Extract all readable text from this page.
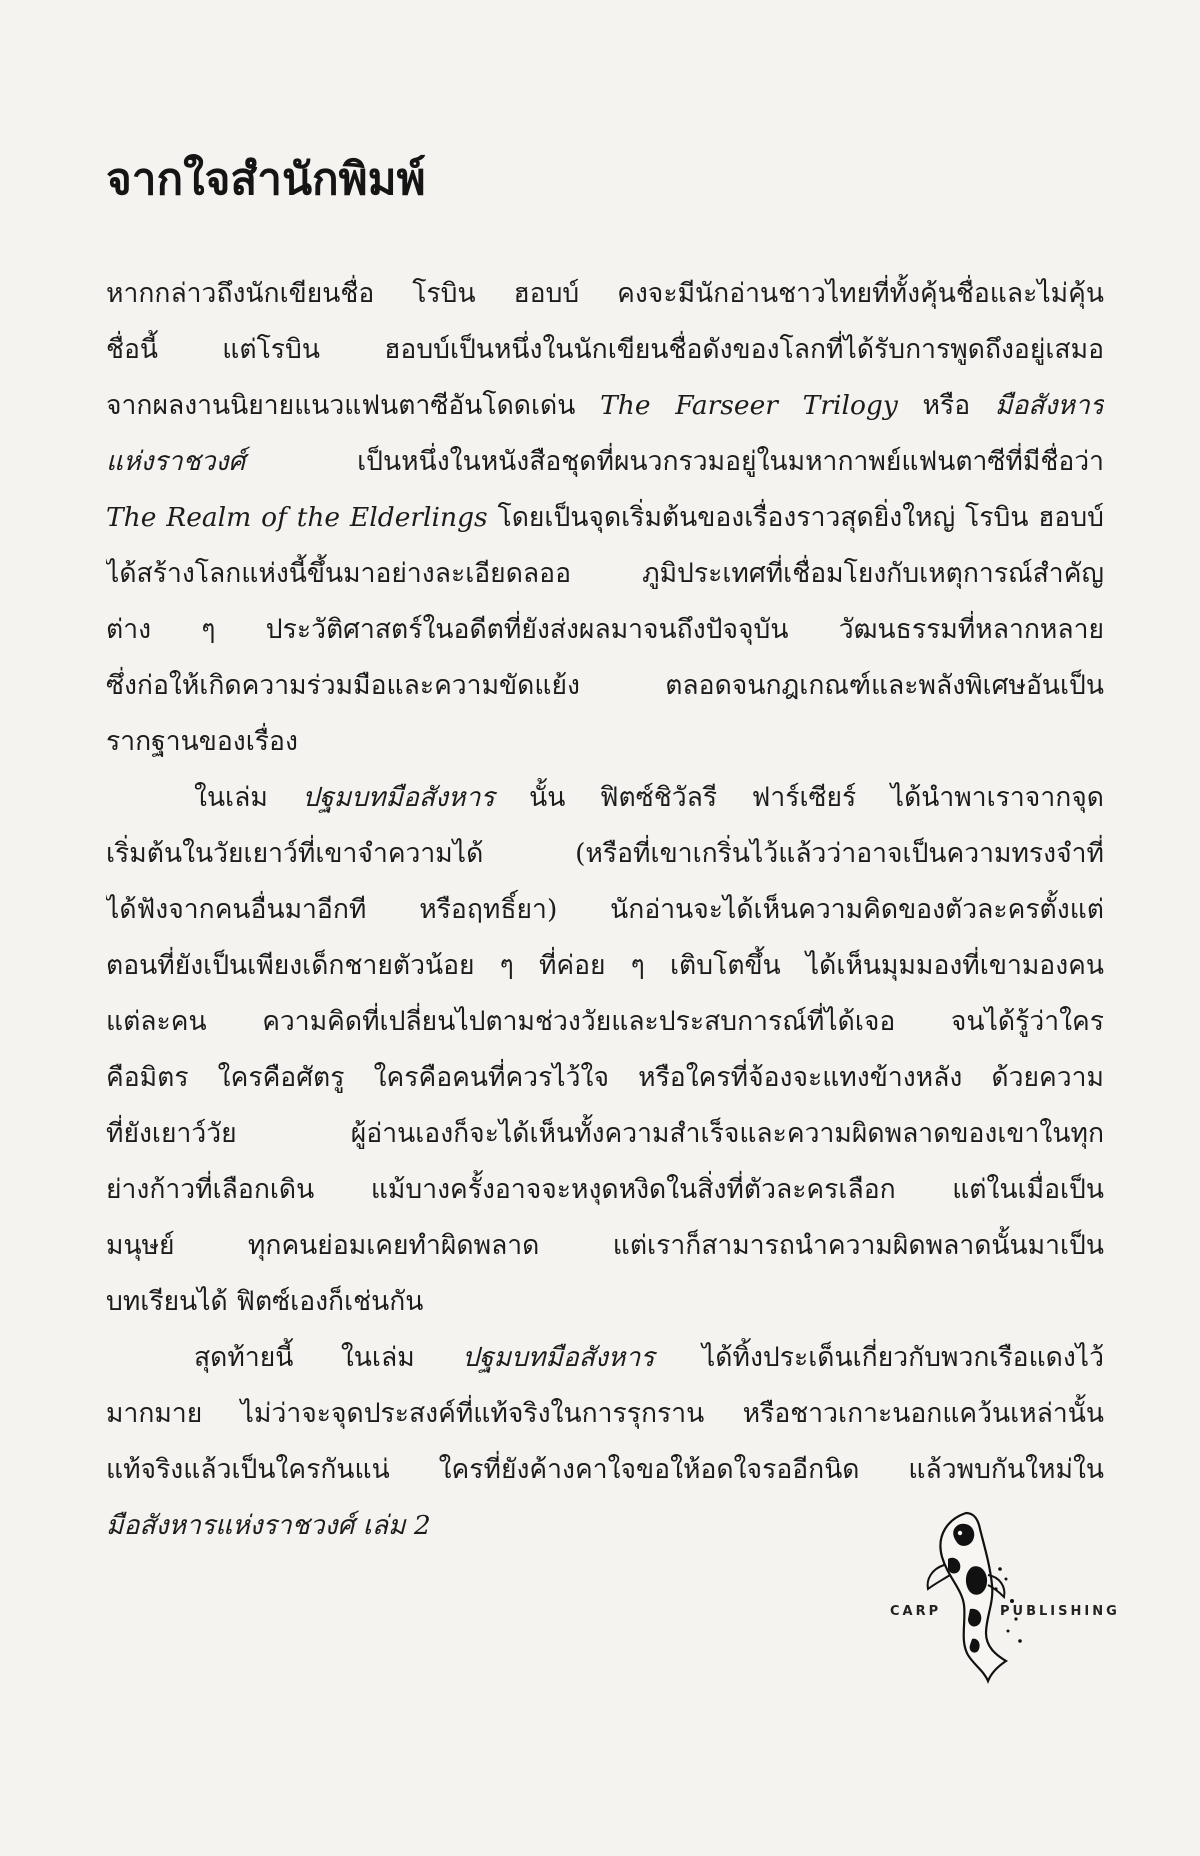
จากใจสำนักพิมพ์
หากกล่าวถึงนักเขียนชื่อ โรบิน ฮอบบ์ คงจะมีนักอ่านชาวไทยที่ทั้งคุ้นชื่อและไม่คุ้น
ชื่อนี้ แต่โรบิน ฮอบบ์เป็นหนึ่งในนักเขียนชื่อดังของโลกที่ได้รับการพูดถึงอยู่เสมอ
จากผลงานนิยายแนวแฟนตาซีอันโดดเด่น The Farseer Trilogy หรือ มือสังหาร
แห่งราชวงศ์ เป็นหนึ่งในหนังสือชุดที่ผนวกรวมอยู่ในมหากาพย์แฟนตาซีที่มีชื่อว่า
The Realm of the Elderlings โดยเป็นจุดเริ่มต้นของเรื่องราวสุดยิ่งใหญ่ โรบิน ฮอบบ์
ได้สร้างโลกแห่งนี้ขึ้นมาอย่างละเอียดลออ ภูมิประเทศที่เชื่อมโยงกับเหตุการณ์สำคัญ
ต่าง ๆ ประวัติศาสตร์ในอดีตที่ยังส่งผลมาจนถึงปัจจุบัน วัฒนธรรมที่หลากหลาย
ซึ่งก่อให้เกิดความร่วมมือและความขัดแย้ง ตลอดจนกฎเกณฑ์และพลังพิเศษอันเป็น
รากฐานของเรื่อง
ในเล่ม ปฐมบทมือสังหาร นั้น ฟิตซ์ชิวัลรี ฟาร์เซียร์ ได้นำพาเราจากจุด
เริ่มต้นในวัยเยาว์ที่เขาจำความได้ (หรือที่เขาเกริ่นไว้แล้วว่าอาจเป็นความทรงจำที่
ได้ฟังจากคนอื่นมาอีกที หรือฤทธิ์ยา) นักอ่านจะได้เห็นความคิดของตัวละครตั้งแต่
ตอนที่ยังเป็นเพียงเด็กชายตัวน้อย ๆ ที่ค่อย ๆ เติบโตขึ้น ได้เห็นมุมมองที่เขามองคน
แต่ละคน ความคิดที่เปลี่ยนไปตามช่วงวัยและประสบการณ์ที่ได้เจอ จนได้รู้ว่าใคร
คือมิตร ใครคือศัตรู ใครคือคนที่ควรไว้ใจ หรือใครที่จ้องจะแทงข้างหลัง ด้วยความ
ที่ยังเยาว์วัย ผู้อ่านเองก็จะได้เห็นทั้งความสำเร็จและความผิดพลาดของเขาในทุก
ย่างก้าวที่เลือกเดิน แม้บางครั้งอาจจะหงุดหงิดในสิ่งที่ตัวละครเลือก แต่ในเมื่อเป็น
มนุษย์ ทุกคนย่อมเคยทำผิดพลาด แต่เราก็สามารถนำความผิดพลาดนั้นมาเป็น
บทเรียนได้ ฟิตซ์เองก็เช่นกัน
สุดท้ายนี้ ในเล่ม ปฐมบทมือสังหาร ได้ทิ้งประเด็นเกี่ยวกับพวกเรือแดงไว้
มากมาย ไม่ว่าจะจุดประสงค์ที่แท้จริงในการรุกราน หรือชาวเกาะนอกแคว้นเหล่านั้น
แท้จริงแล้วเป็นใครกันแน่ ใครที่ยังค้างคาใจขอให้อดใจรออีกนิด แล้วพบกันใหม่ใน
มือสังหารแห่งราชวงศ์ เล่ม 2
CARP	PUBLISHING
